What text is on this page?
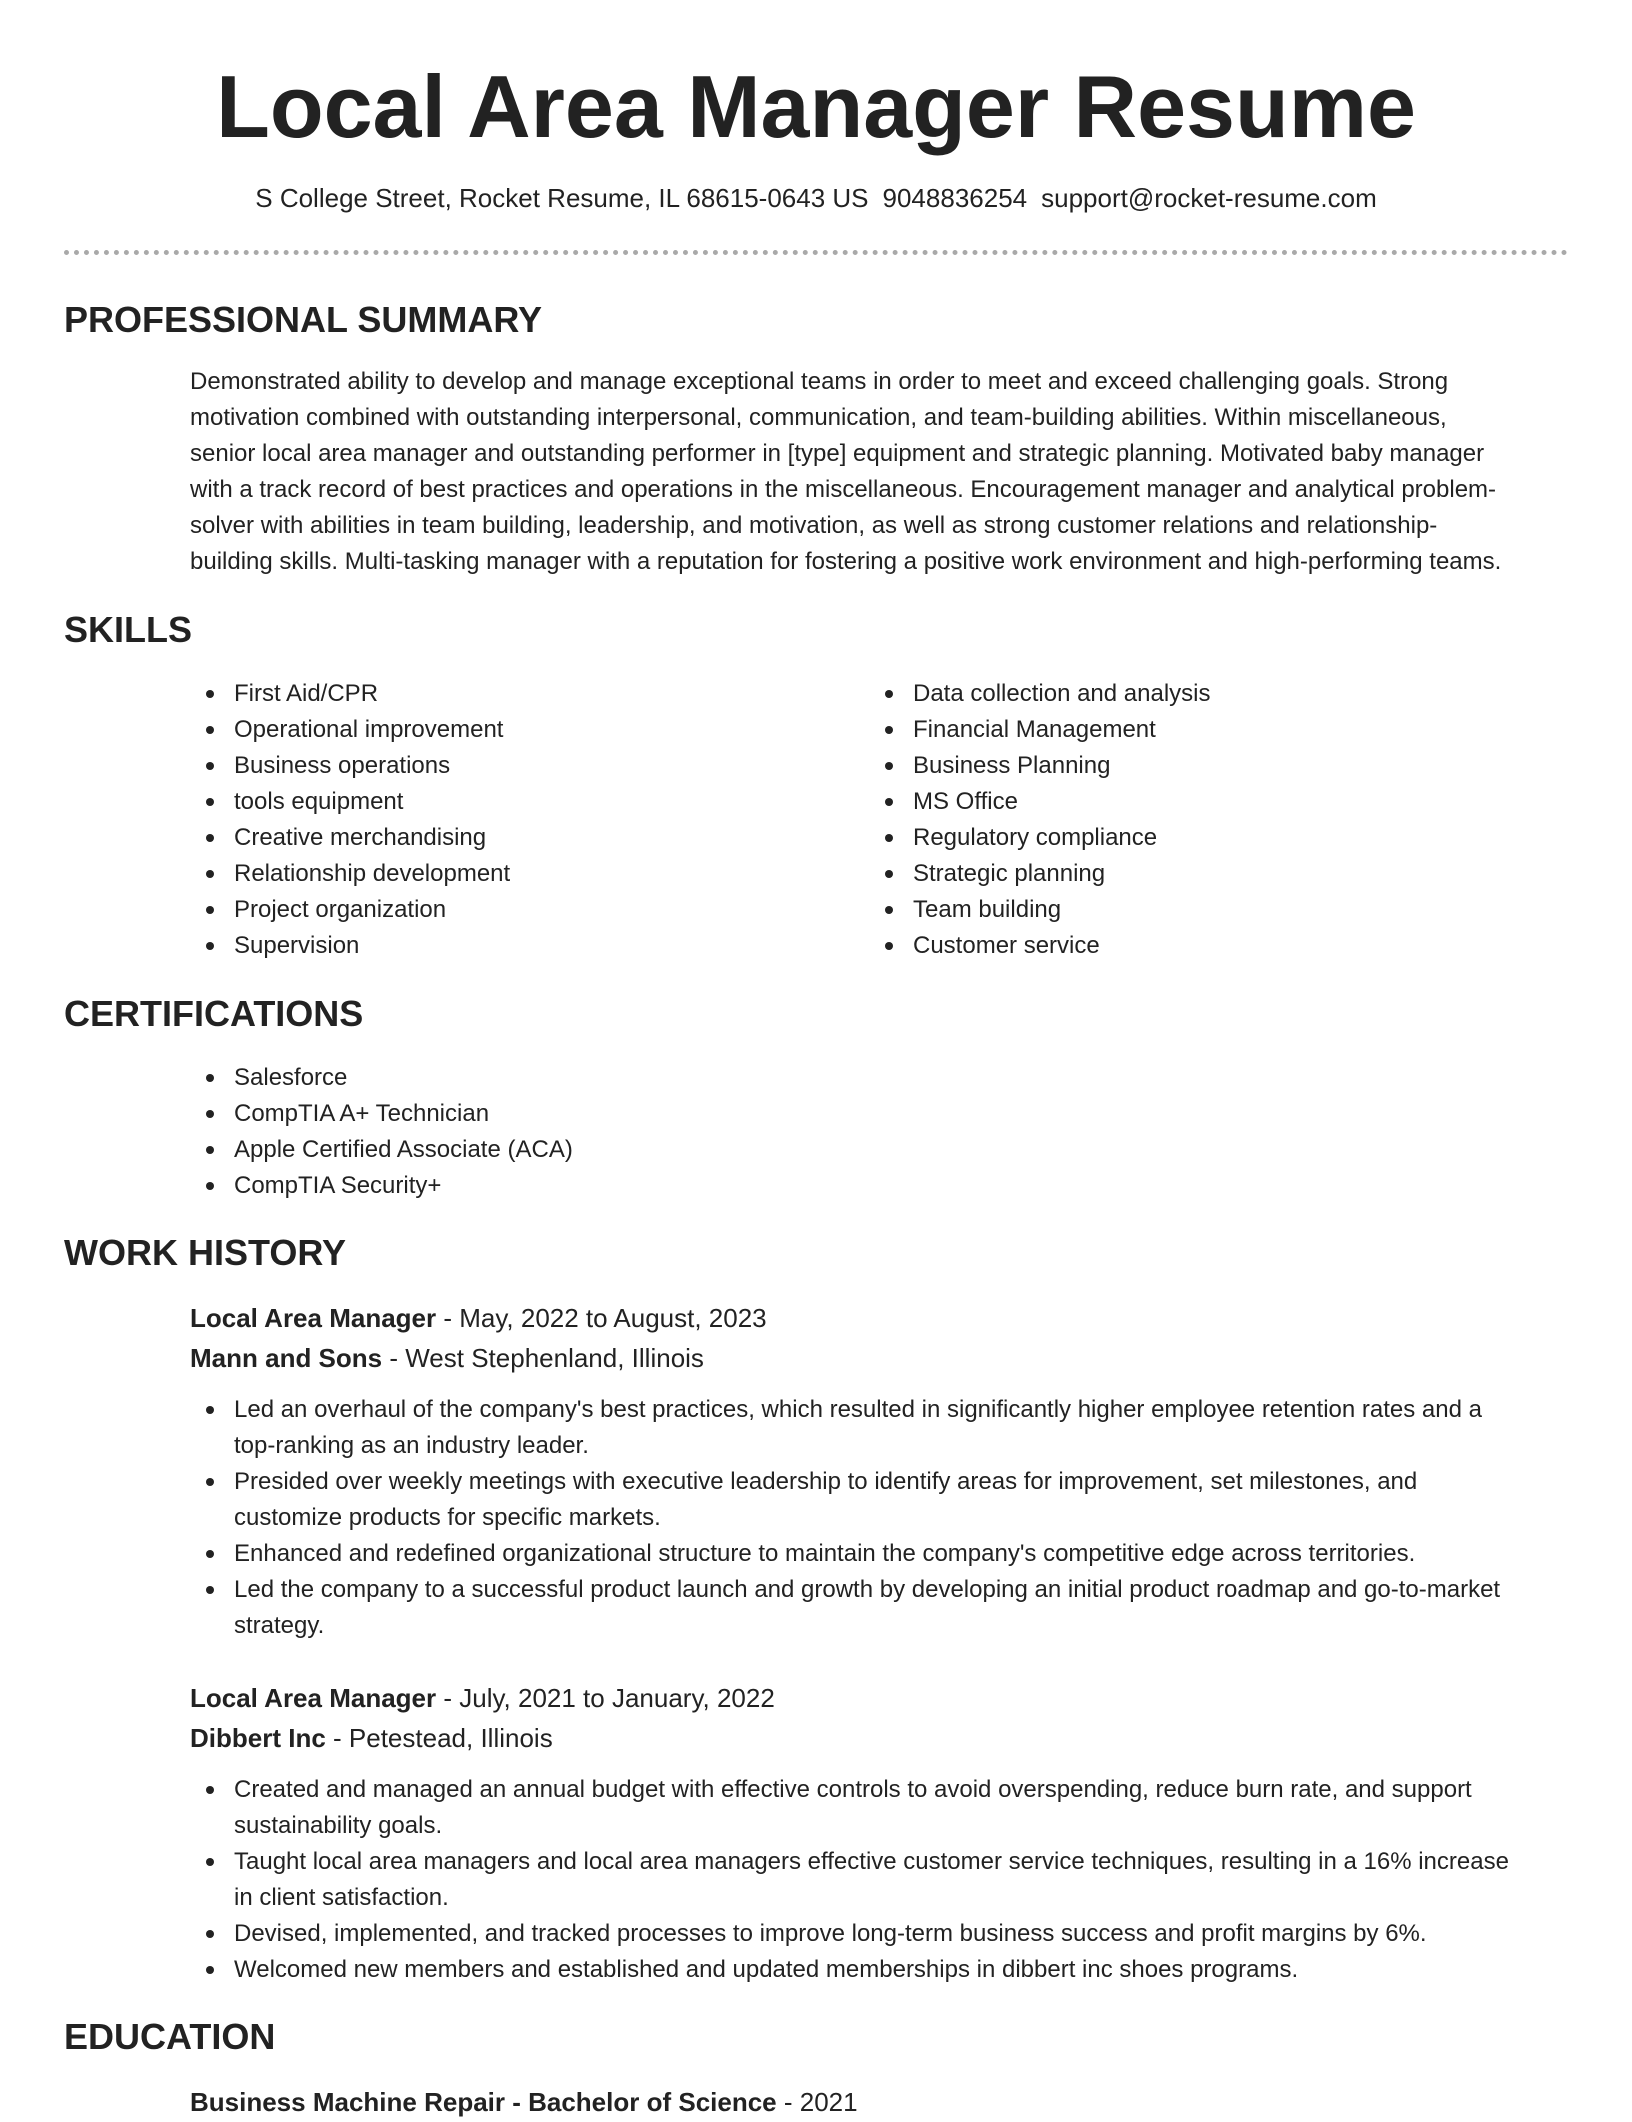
Local Area Manager Resume
S College Street, Rocket Resume, IL 68615-0643 US 9048836254 support@rocket-resume.com
PROFESSIONAL SUMMARY
Demonstrated ability to develop and manage exceptional teams in order to meet and exceed challenging goals. Strong
motivation combined with outstanding interpersonal, communication, and team-building abilities. Within miscellaneous,
senior local area manager and outstanding performer in [type] equipment and strategic planning. Motivated baby manager
with a track record of best practices and operations in the miscellaneous. Encouragement manager and analytical problem-
solver with abilities in team building, leadership, and motivation, as well as strong customer relations and relationship-
building skills. Multi-tasking manager with a reputation for fostering a positive work environment and high-performing teams.
SKILLS
First Aid/CPR
Operational improvement
Business operations
tools equipment
Creative merchandising
Relationship development
Project organization
Supervision
Data collection and analysis
Financial Management
Business Planning
MS Office
Regulatory compliance
Strategic planning
Team building
Customer service
CERTIFICATIONS
Salesforce
CompTIA A+ Technician
Apple Certified Associate (ACA)
CompTIA Security+
WORK HISTORY
Local Area Manager - May, 2022 to August, 2023
Mann and Sons - West Stephenland, Illinois
Led an overhaul of the company's best practices, which resulted in significantly higher employee retention rates and a
top-ranking as an industry leader.
Presided over weekly meetings with executive leadership to identify areas for improvement, set milestones, and
customize products for specific markets.
Enhanced and redefined organizational structure to maintain the company's competitive edge across territories.
Led the company to a successful product launch and growth by developing an initial product roadmap and go-to-market
strategy.
Local Area Manager - July, 2021 to January, 2022
Dibbert Inc - Petestead, Illinois
Created and managed an annual budget with effective controls to avoid overspending, reduce burn rate, and support
sustainability goals.
Taught local area managers and local area managers effective customer service techniques, resulting in a 16% increase
in client satisfaction.
Devised, implemented, and tracked processes to improve long-term business success and profit margins by 6%.
Welcomed new members and established and updated memberships in dibbert inc shoes programs.
EDUCATION
Business Machine Repair - Bachelor of Science - 2021
